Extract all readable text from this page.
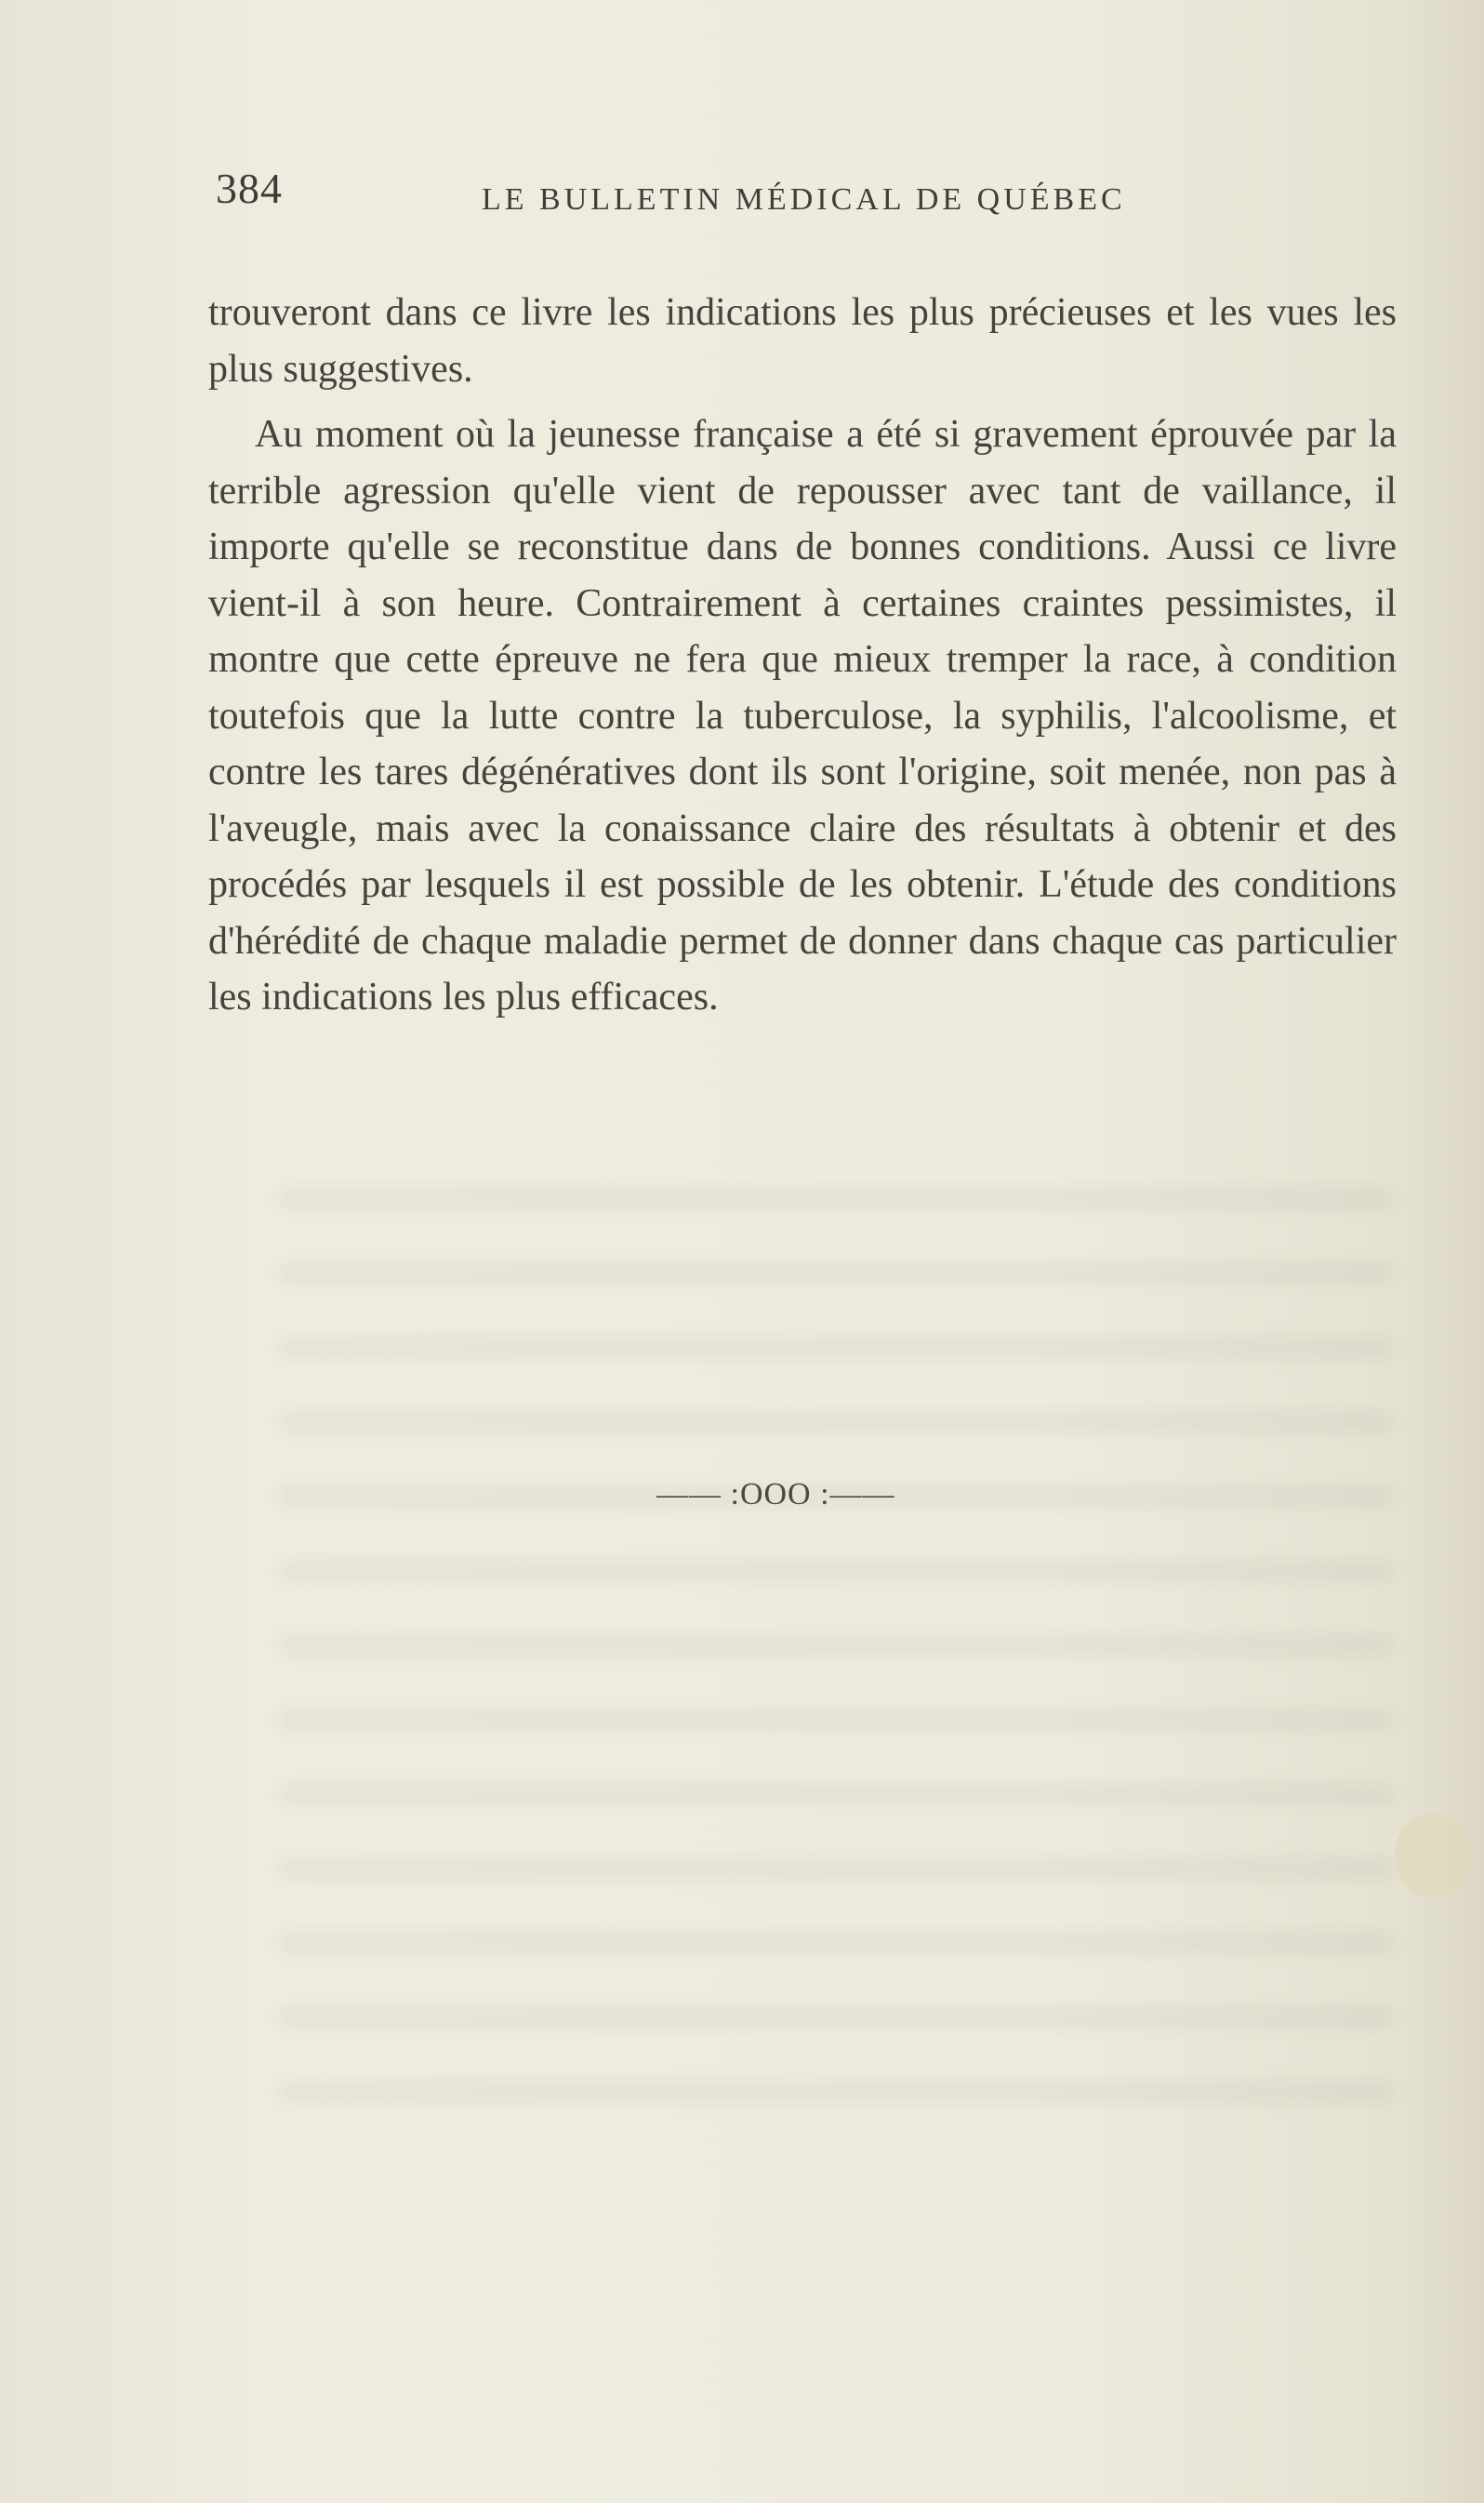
384	LE BULLETIN MÉDICAL DE QUÉBEC

trouveront dans ce livre les indications les plus précieuses et les vues les plus suggestives.

Au moment où la jeunesse française a été si gravement éprouvée par la terrible agression qu'elle vient de repousser avec tant de vaillance, il importe qu'elle se reconstitue dans de bonnes conditions. Aussi ce livre vient-il à son heure. Contrairement à certaines craintes pessimistes, il montre que cette épreuve ne fera que mieux tremper la race, à condition toutefois que la lutte contre la tuberculose, la syphilis, l'alcoolisme, et contre les tares dégénératives dont ils sont l'origine, soit menée, non pas à l'aveugle, mais avec la conaissance claire des résultats à obtenir et des procédés par lesquels il est possible de les obtenir. L'étude des conditions d'hérédité de chaque maladie permet de donner dans chaque cas particulier les indications les plus efficaces.

—— :OOO :——
